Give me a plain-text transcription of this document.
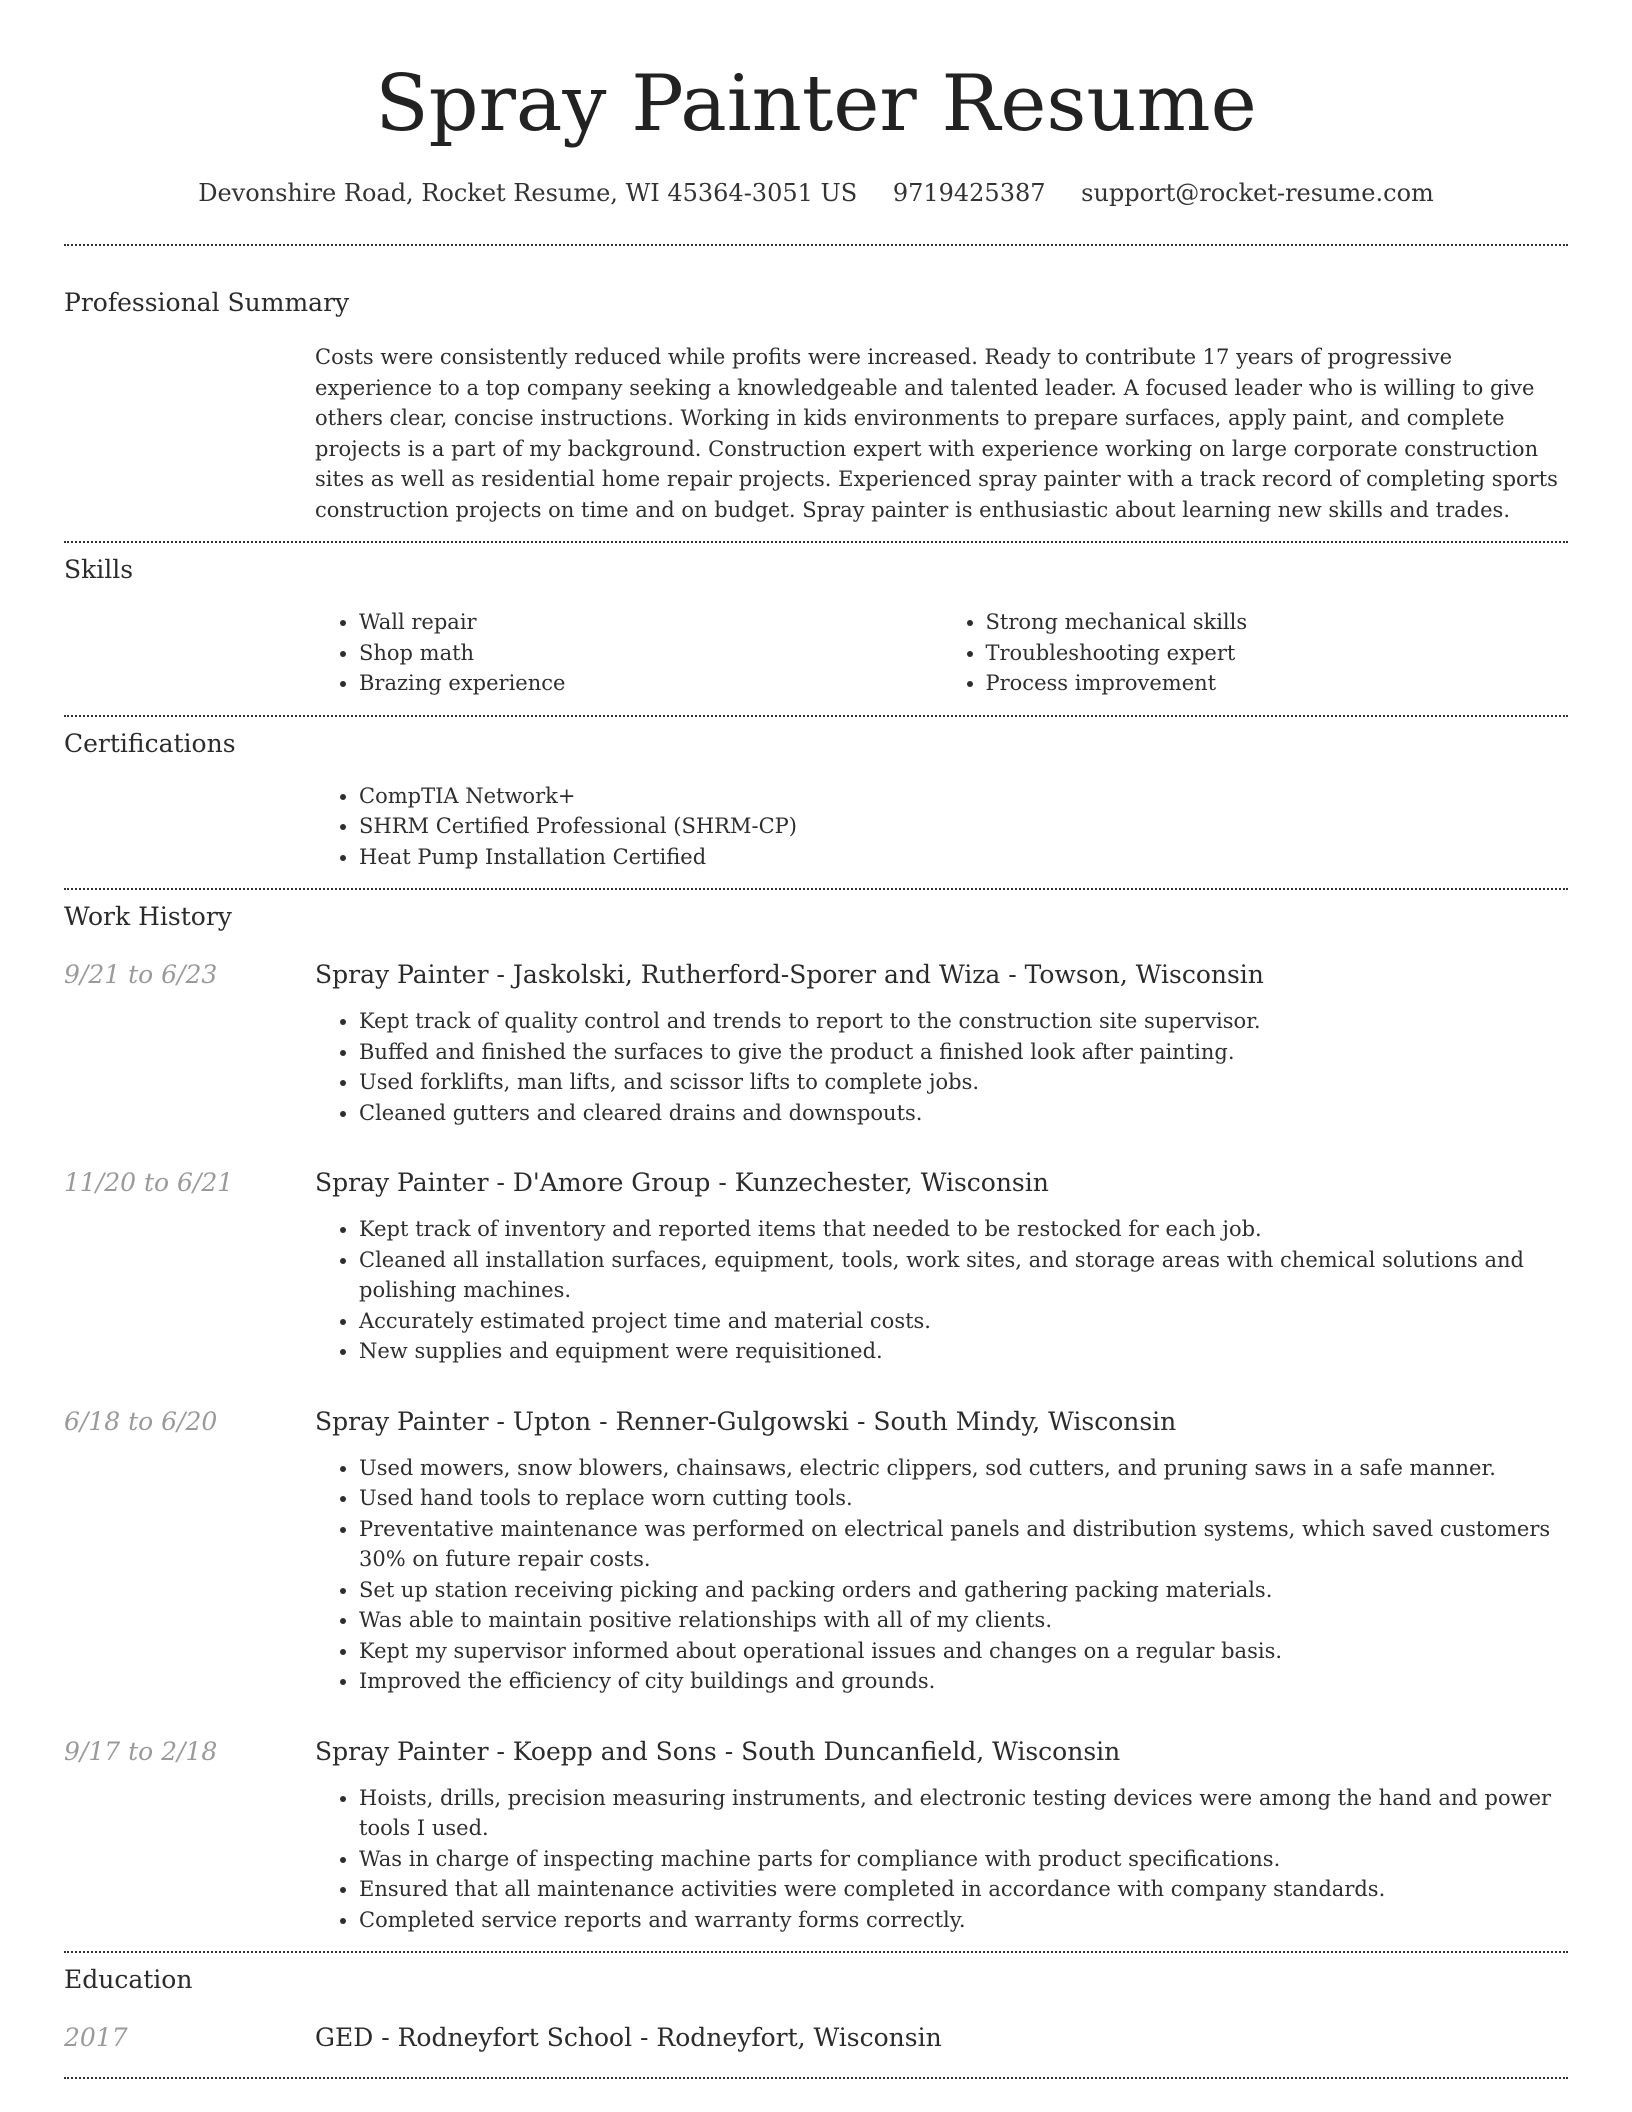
Spray Painter Resume
Devonshire Road, Rocket Resume, WI 45364-3051 US 9719425387 support@rocket-resume.com
Professional Summary
Costs were consistently reduced while profits were increased. Ready to contribute 17 years of progressive experience to a top company seeking a knowledgeable and talented leader. A focused leader who is willing to give others clear, concise instructions. Working in kids environments to prepare surfaces, apply paint, and complete projects is a part of my background. Construction expert with experience working on large corporate construction sites as well as residential home repair projects. Experienced spray painter with a track record of completing sports construction projects on time and on budget. Spray painter is enthusiastic about learning new skills and trades.
Skills
• Wall repair
• Shop math
• Brazing experience
• Strong mechanical skills
• Troubleshooting expert
• Process improvement
Certifications
• CompTIA Network+
• SHRM Certified Professional (SHRM-CP)
• Heat Pump Installation Certified
Work History
9/21 to 6/23	Spray Painter - Jaskolski, Rutherford-Sporer and Wiza - Towson, Wisconsin
• Kept track of quality control and trends to report to the construction site supervisor.
• Buffed and finished the surfaces to give the product a finished look after painting.
• Used forklifts, man lifts, and scissor lifts to complete jobs.
• Cleaned gutters and cleared drains and downspouts.
11/20 to 6/21	Spray Painter - D'Amore Group - Kunzechester, Wisconsin
• Kept track of inventory and reported items that needed to be restocked for each job.
• Cleaned all installation surfaces, equipment, tools, work sites, and storage areas with chemical solutions and polishing machines.
• Accurately estimated project time and material costs.
• New supplies and equipment were requisitioned.
6/18 to 6/20	Spray Painter - Upton - Renner-Gulgowski - South Mindy, Wisconsin
• Used mowers, snow blowers, chainsaws, electric clippers, sod cutters, and pruning saws in a safe manner.
• Used hand tools to replace worn cutting tools.
• Preventative maintenance was performed on electrical panels and distribution systems, which saved customers 30% on future repair costs.
• Set up station receiving picking and packing orders and gathering packing materials.
• Was able to maintain positive relationships with all of my clients.
• Kept my supervisor informed about operational issues and changes on a regular basis.
• Improved the efficiency of city buildings and grounds.
9/17 to 2/18	Spray Painter - Koepp and Sons - South Duncanfield, Wisconsin
• Hoists, drills, precision measuring instruments, and electronic testing devices were among the hand and power tools I used.
• Was in charge of inspecting machine parts for compliance with product specifications.
• Ensured that all maintenance activities were completed in accordance with company standards.
• Completed service reports and warranty forms correctly.
Education
2017	GED - Rodneyfort School - Rodneyfort, Wisconsin
